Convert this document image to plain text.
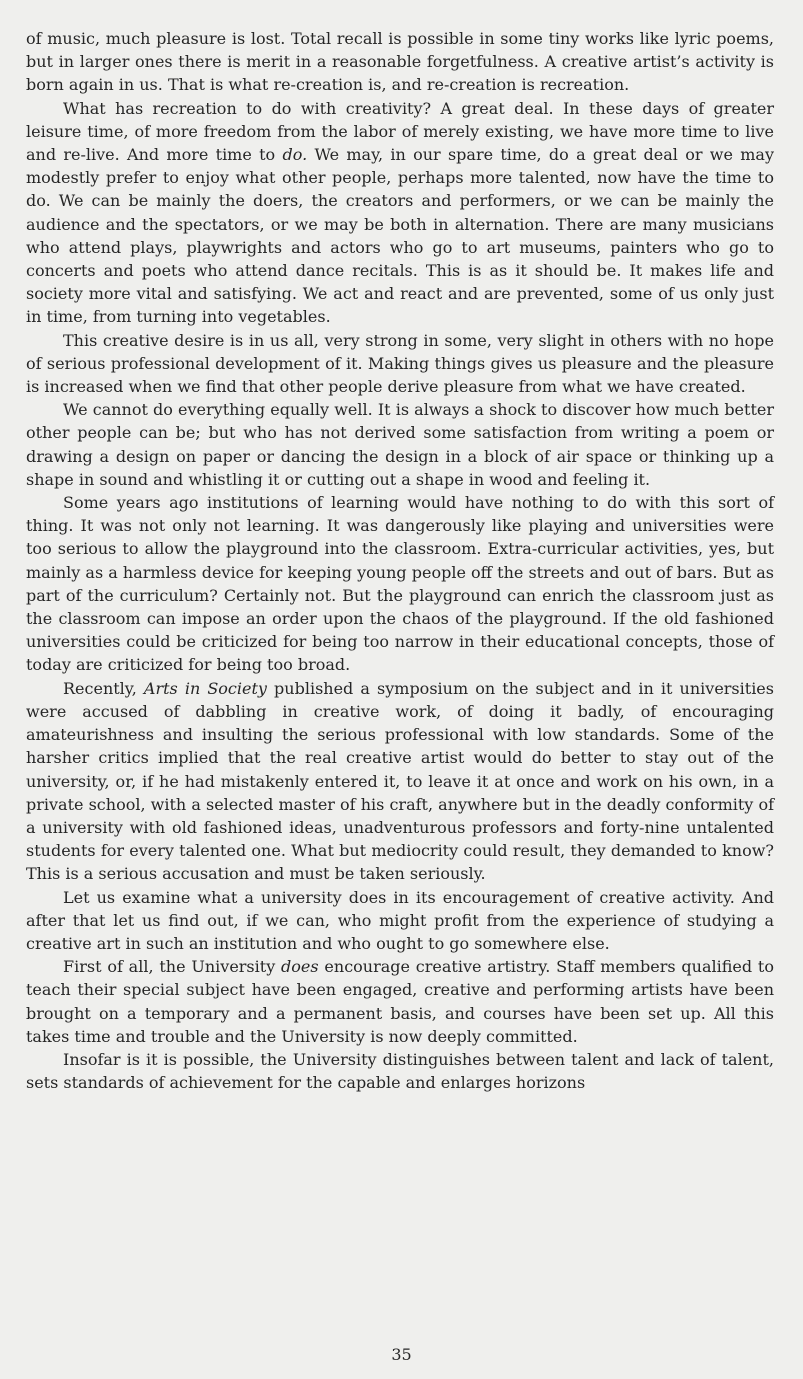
of music, much pleasure is lost. Total recall is possible in some tiny works like lyric poems, but in larger ones there is merit in a reasonable forgetfulness. A creative artist’s activity is born again in us. That is what re-creation is, and re-creation is recreation.

What has recreation to do with creativity? A great deal. In these days of greater leisure time, of more freedom from the labor of merely existing, we have more time to live and re-live. And more time to do. We may, in our spare time, do a great deal or we may modestly prefer to enjoy what other people, perhaps more talented, now have the time to do. We can be mainly the doers, the creators and performers, or we can be mainly the audience and the spectators, or we may be both in alternation. There are many musicians who attend plays, playwrights and actors who go to art museums, painters who go to concerts and poets who attend dance recitals. This is as it should be. It makes life and society more vital and satisfying. We act and react and are prevented, some of us only just in time, from turning into vegetables.

This creative desire is in us all, very strong in some, very slight in others with no hope of serious professional development of it. Making things gives us pleasure and the pleasure is increased when we find that other people derive pleasure from what we have created.

We cannot do everything equally well. It is always a shock to discover how much better other people can be; but who has not derived some satisfaction from writing a poem or drawing a design on paper or dancing the design in a block of air space or thinking up a shape in sound and whistling it or cutting out a shape in wood and feeling it.

Some years ago institutions of learning would have nothing to do with this sort of thing. It was not only not learning. It was dangerously like playing and universities were too serious to allow the playground into the classroom. Extra-curricular activities, yes, but mainly as a harmless device for keeping young people off the streets and out of bars. But as part of the curriculum? Certainly not. But the playground can enrich the classroom just as the classroom can impose an order upon the chaos of the playground. If the old fashioned universities could be criticized for being too narrow in their educational concepts, those of today are criticized for being too broad.

Recently, Arts in Society published a symposium on the subject and in it universities were accused of dabbling in creative work, of doing it badly, of encouraging amateurishness and insulting the serious professional with low standards. Some of the harsher critics implied that the real creative artist would do better to stay out of the university, or, if he had mistakenly entered it, to leave it at once and work on his own, in a private school, with a selected master of his craft, anywhere but in the deadly conformity of a university with old fashioned ideas, unadventurous professors and forty-nine untalented students for every talented one. What but mediocrity could result, they demanded to know? This is a serious accusation and must be taken seriously.

Let us examine what a university does in its encouragement of creative activity. And after that let us find out, if we can, who might profit from the experience of studying a creative art in such an institution and who ought to go somewhere else.

First of all, the University does encourage creative artistry. Staff members qualified to teach their special subject have been engaged, creative and performing artists have been brought on a temporary and a permanent basis, and courses have been set up. All this takes time and trouble and the University is now deeply committed.

Insofar is it is possible, the University distinguishes between talent and lack of talent, sets standards of achievement for the capable and enlarges horizons

35
